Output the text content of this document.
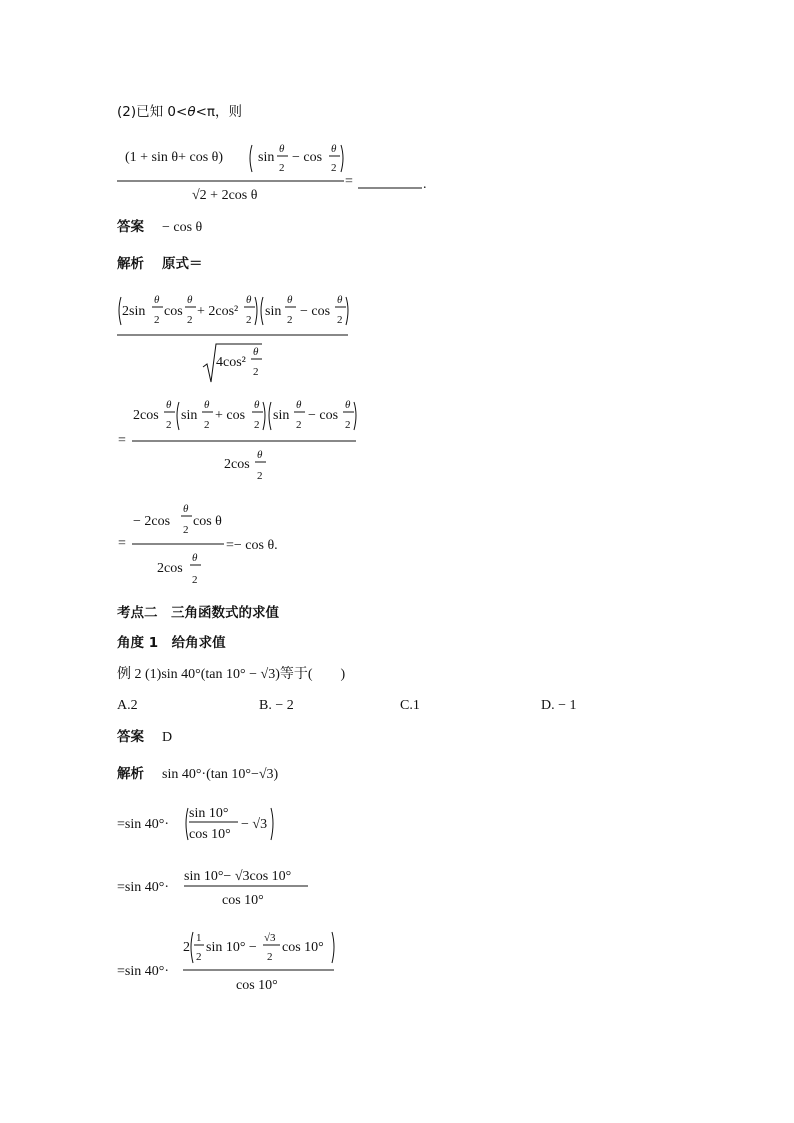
(2)已知 0<θ<π，则
(1 + sin θ+ cos θ) sin
θ
2
− cos
θ
2
√2 + 2cos θ
=	.
答案 − cos θ
解析 原式＝
2sin
θ
2
cos
θ
2
+ 2cos²
θ
2
sin
θ
2
− cos
θ
2
4cos²
θ
2
=
2cos
θ
2
sin
θ
2
+ cos
θ
2
sin
θ
2
− cos
θ
2
2cos
θ
2
=
− 2cos
θ
2
cos θ
2cos
θ
2
=− cos θ.
考点二　三角函数式的求值
角度 1　给角求值
例 2 (1)sin 40°(tan 10° − √3)等于(　　)
A.2	B. − 2	C.1	D. − 1
答案 D
解析 sin 40°·(tan 10°−√3)
=sin 40°·
sin 10°
cos 10°
− √3
=sin 40°·
sin 10°− √3cos 10°
cos 10°
=sin 40°·
2
1
2
sin 10° −
√3
2
cos 10°
cos 10°
